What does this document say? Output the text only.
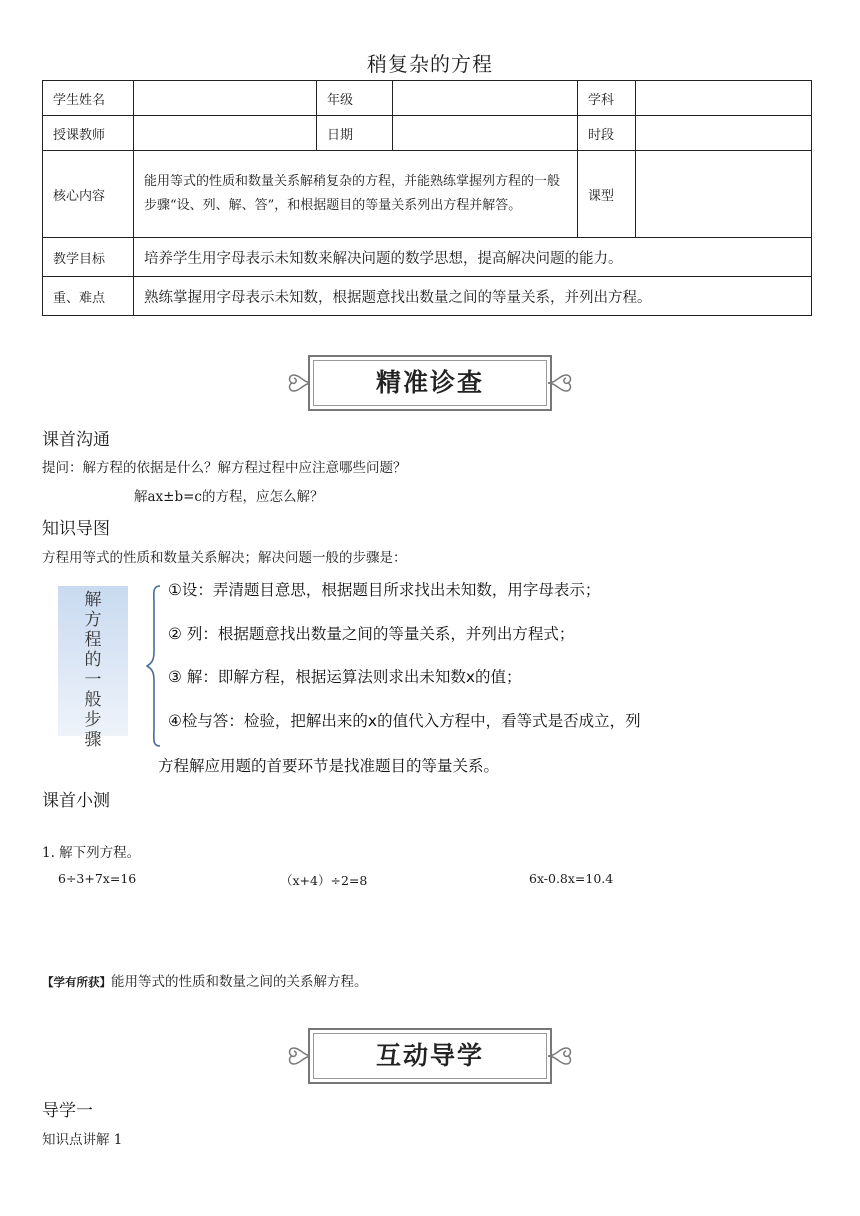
稍复杂的方程
学生姓名		年级		学科	
授课教师		日期		时段	
核心内容	能用等式的性质和数量关系解稍复杂的方程，并能熟练掌握列方程的一般步骤“设、列、解、答”，和根据题目的等量关系列出方程并解答。			课型	
教学目标	培养学生用字母表示未知数来解决问题的数学思想，提高解决问题的能力。				
重、难点	熟练掌握用字母表示未知数，根据题意找出数量之间的等量关系，并列出方程。				
精准诊查
课首沟通
提问：解方程的依据是什么？解方程过程中应注意哪些问题？
解ax±b=c的方程，应怎么解？
知识导图
方程用等式的性质和数量关系解决；解决问题一般的步骤是：
解
方
程
的
一
般
步
骤
①设：弄清题目意思，根据题目所求找出未知数，用字母表示；
② 列：根据题意找出数量之间的等量关系，并列出方程式；
③ 解：即解方程，根据运算法则求出未知数x的值；
④检与答：检验，把解出来的x的值代入方程中，看等式是否成立，列
方程解应用题的首要环节是找准题目的等量关系。
课首小测
1. 解下列方程。
6÷3+7x=16	（x+4）÷2=8	6x-0.8x=10.4
【学有所获】能用等式的性质和数量之间的关系解方程。
互动导学
导学一
知识点讲解 1
